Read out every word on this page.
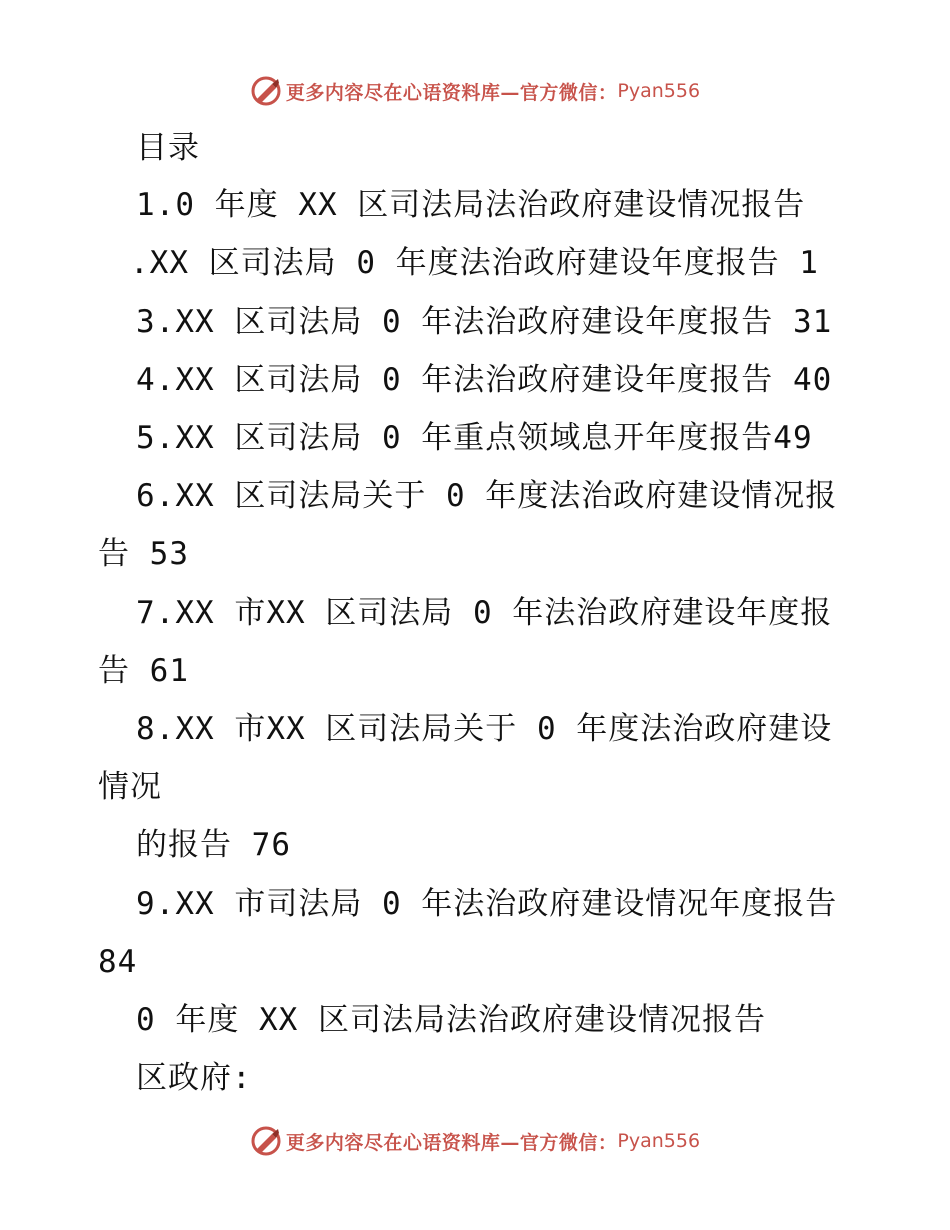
更多内容尽在心语资料库—官方微信： Pyan556
目录
1.0 年度 XX 区司法局法治政府建设情况报告
.XX 区司法局 0 年度法治政府建设年度报告 1
3.XX 区司法局 0 年法治政府建设年度报告 31
4.XX 区司法局 0 年法治政府建设年度报告 40
5.XX 区司法局 0 年重点领域息开年度报告49
6.XX 区司法局关于 0 年度法治政府建设情况报
告 53
7.XX 市XX 区司法局 0 年法治政府建设年度报
告 61
8.XX 市XX 区司法局关于 0 年度法治政府建设
情况
的报告 76
9.XX 市司法局 0 年法治政府建设情况年度报告
84
0 年度 XX 区司法局法治政府建设情况报告
区政府:
更多内容尽在心语资料库—官方微信： Pyan556
